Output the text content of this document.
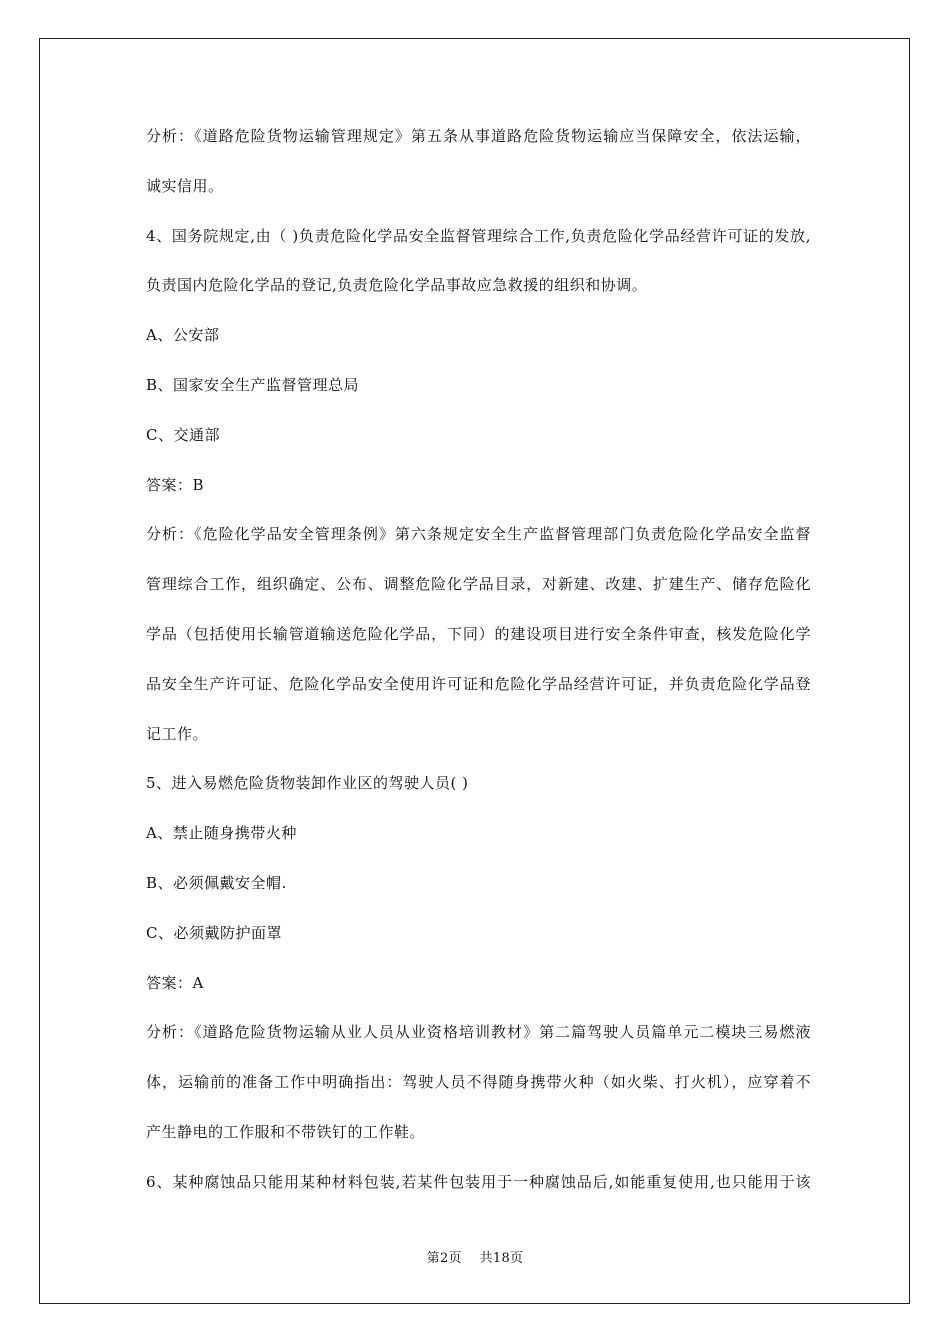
分析：《道路危险货物运输管理规定》第五条从事道路危险货物运输应当保障安全，依法运输，

诚实信用。

4、国务院规定,由（ )负责危险化学品安全监督管理综合工作,负责危险化学品经营许可证的发放,

负责国内危险化学品的登记,负责危险化学品事故应急救援的组织和协调。

A、公安部

B、国家安全生产监督管理总局

C、交通部

答案：B

分析：《危险化学品安全管理条例》第六条规定安全生产监督管理部门负责危险化学品安全监督

管理综合工作，组织确定、公布、调整危险化学品目录，对新建、改建、扩建生产、储存危险化

学品（包括使用长输管道输送危险化学品，下同）的建设项目进行安全条件审查，核发危险化学

品安全生产许可证、危险化学品安全使用许可证和危险化学品经营许可证，并负责危险化学品登

记工作。

5、进入易燃危险货物装卸作业区的驾驶人员( )

A、禁止随身携带火种

B、必须佩戴安全帽.

C、必须戴防护面罩

答案：A

分析：《道路危险货物运输从业人员从业资格培训教材》第二篇驾驶人员篇单元二模块三易燃液

体，运输前的准备工作中明确指出：驾驶人员不得随身携带火种（如火柴、打火机），应穿着不

产生静电的工作服和不带铁钉的工作鞋。

6、某种腐蚀品只能用某种材料包装,若某件包装用于一种腐蚀品后,如能重复使用,也只能用于该

第2页 共18页
